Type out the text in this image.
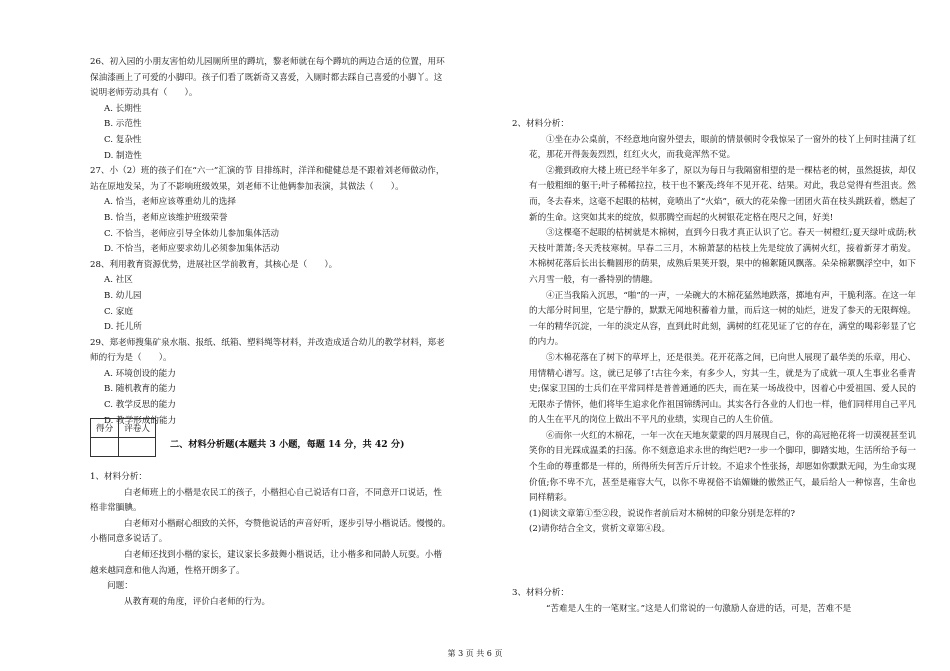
26、初入园的小朋友害怕幼儿园厕所里的蹲坑，黎老师就在每个蹲坑的两边合适的位置，用环

保油漆画上了可爱的小脚印。孩子们看了既新奇又喜爱，入厕时都去踩自己喜爱的小脚丫。这

说明老师劳动具有（　　）。

A. 长期性

B. 示范性

C. 复杂性

D. 制造性

27、小（2）班的孩子们在“六一”汇演的节 目排练时，洋洋和健健总是不跟着刘老师做动作，

站在原地发呆，为了不影响班级效果，刘老师不让他俩参加表演，其做法（　　）。

A. 恰当，老师应该尊重幼儿的选择

B. 恰当，老师应该维护班级荣誉

C. 不恰当，老师应引导全体幼儿参加集体活动

D. 不恰当，老师应要求幼儿必须参加集体活动

28、利用教育资源优势，进展社区学前教育，其核心是（　　）。

A. 社区

B. 幼儿园

C. 家庭

D. 托儿所

29、郑老师搜集矿泉水瓶、报纸、纸箱、塑料绳等材料，并改造成适合幼儿的教学材料，郑老

师的行为是（　　）。

A. 环境创设的能力

B. 随机教育的能力

C. 教学反思的能力

D. 教学形成的能力

得分	评卷人

二、材料分析题(本题共 3 小题，每题 14 分，共 42 分)

1、材料分析：

白老师班上的小楷是农民工的孩子，小楷担心自己说话有口音，不同意开口说话，性

格非常腼腆。

白老师对小楷耐心细致的关怀，夸赞他说话的声音好听，逐步引导小楷说话。慢慢的。

小楷同意多说话了。

白老师还找到小楷的家长，建议家长多鼓舞小楷说话，让小楷多和同龄人玩耍。小楷

越来越同意和他人沟通，性格开朗多了。

问题：

从教育观的角度，评价白老师的行为。

2、材料分析：

①坐在办公桌前，不经意地向窗外望去，眼前的情景顿时令我惊呆了一窗外的枝丫上何时挂满了红花，那花开得轰轰烈烈，红红火火，而我竟浑然不觉。

②搬到政府大楼上班已经半年多了，原以为每日与我隔窗相望的是一棵枯老的树，虽然挺拔，却仅有一般粗细的躯干;叶子稀稀拉拉，枝干也不繁茂;终年不见开花、结果。对此，我总觉得有些沮丧。然而，冬去春来，这毫不起眼的枯树，竟喷出了“火焰”，硕大的花朵像一团团火苗在枝头跳跃着，燃起了新的生命。这突如其来的绽放，似那腾空而起的火树银花定格在咫尺之间，好美!

③这棵毫不起眼的枯树就是木棉树，直到今日我才真正认识了它。春天一树橙红;夏天绿叶成荫;秋天枝叶萧萧;冬天秃枝寒树。早春二三月，木棉萧瑟的枯枝上先是绽放了满树火红，接着新芽才萌发。木棉树花落后长出长椭圆形的荫果，成熟后果荚开裂，果中的棉絮随风飘落。朵朵棉絮飘浮空中，如下六月雪一般，有一番特别的情趣。

④正当我陷入沉思，“啪”的一声，一朵碗大的木棉花猛然地跌落，掷地有声，干脆利落。在这一年的大部分时间里，它是宁静的，默默无闻地积蓄着力量，而后这一树的灿烂，迸发了参天的无限辉煌。一年的精华沉淀，一年的淡定从容，直到此时此刻，满树的红花见证了它的存在，满堂的喝彩彰显了它的内力。

⑤木棉花落在了树下的草坪上，还是很美。花开花落之间，已向世人展现了最华美的乐章，用心、用情精心谱写。这，就已足够了!古往今来，有多少人，穷其一生，就是为了成就一项人生事业名垂青史;保家卫国的士兵们在平常同样是普普通通的匹夫，而在某一场战役中，因着心中爱祖国、爱人民的无限赤子情怀，他们将毕生追求化作祖国锦绣河山。其实各行各业的人们也一样，他们同样用自己平凡的人生在平凡的岗位上做出不平凡的业绩，实现自己的人生价值。

⑥而你一火红的木棉花，一年一次在天地灰蒙蒙的四月展现自己，你的高冠艳花将一切漠视甚至讥笑你的目光踩成温柔的扫荡。你不刻意追求永世的绚烂吧?一步一个脚印，脚踏实地，生活所给予每一个生命的尊重都是一样的，所得所失何苦斤斤计较。不追求个性张扬，却愿如你默默无闻，为生命实现价值;你不卑不亢，甚至是雍容大气，以你不卑视俗不谄媚嫌的傲然正气，最后给人一种惊喜，生命也同样精彩。

(1)阅读文章第①至②段，说说作者前后对木棉树的印象分别是怎样的?

(2)请你结合全文，赏析文章第④段。

3、材料分析：

“苦难是人生的一笔财宝。”这是人们常说的一句激励人奋进的话，可是，苦难不是

第 3 页 共 6 页
